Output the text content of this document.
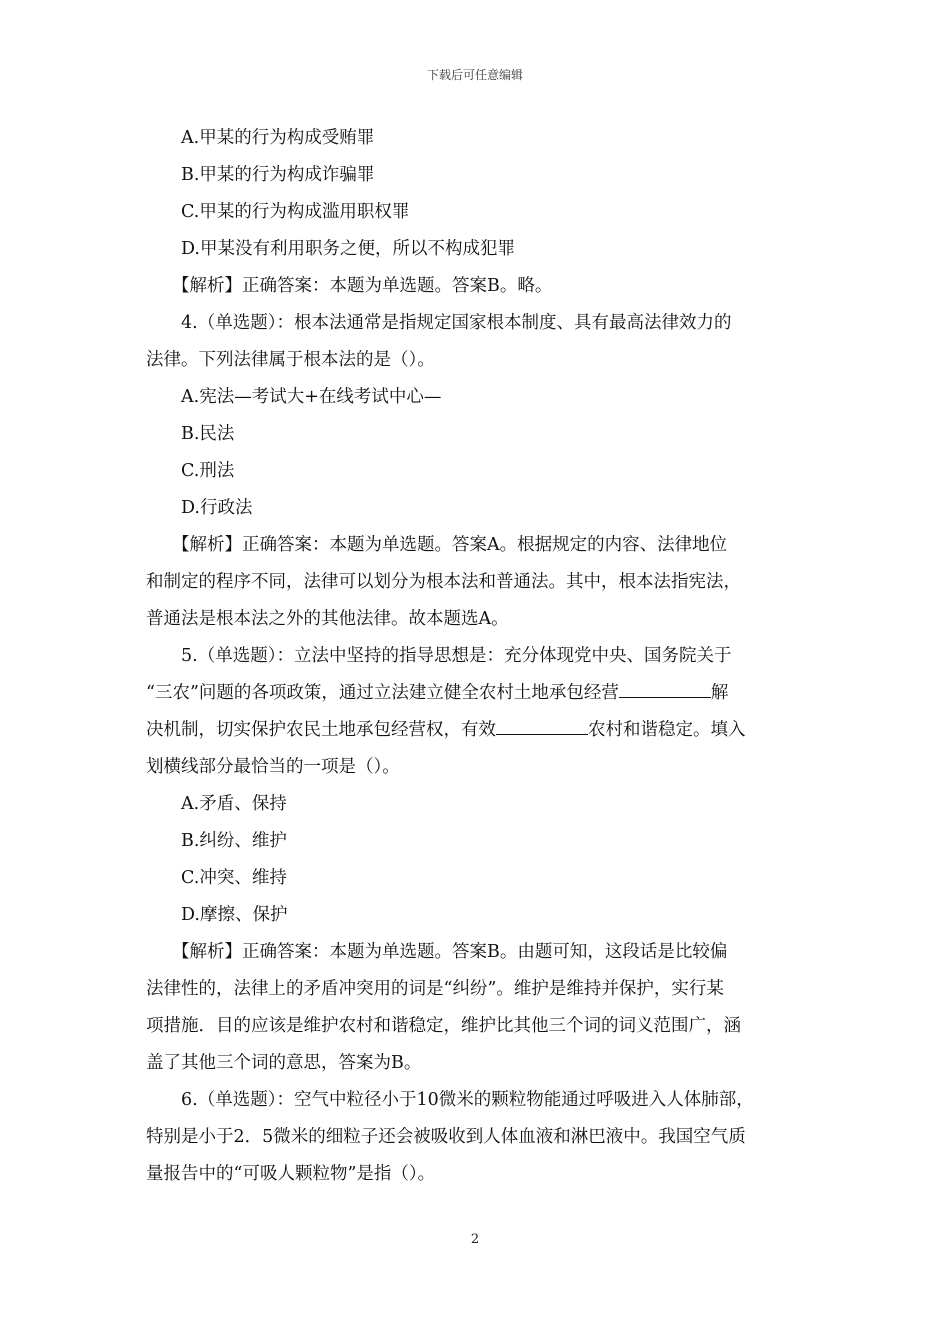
下载后可任意编辑

A.甲某的行为构成受贿罪

B.甲某的行为构成诈骗罪

C.甲某的行为构成滥用职权罪

D.甲某没有利用职务之便，所以不构成犯罪

【解析】正确答案：本题为单选题。答案B。略。

4.（单选题）：根本法通常是指规定国家根本制度、具有最高法律效力的

法律。下列法律属于根本法的是（）。

A.宪法—考试大+在线考试中心—

B.民法

C.刑法

D.行政法

【解析】正确答案：本题为单选题。答案A。根据规定的内容、法律地位

和制定的程序不同，法律可以划分为根本法和普通法。其中，根本法指宪法，

普通法是根本法之外的其他法律。故本题选A。

5.（单选题）：立法中坚持的指导思想是：充分体现党中央、国务院关于

“三农”问题的各项政策，通过立法建立健全农村土地承包经营	解

决机制，切实保护农民土地承包经营权，有效	农村和谐稳定。填入

划横线部分最恰当的一项是（）。

A.矛盾、保持

B.纠纷、维护

C.冲突、维持

D.摩擦、保护

【解析】正确答案：本题为单选题。答案B。由题可知，这段话是比较偏

法律性的，法律上的矛盾冲突用的词是“纠纷”。维护是维持并保护，实行某

项措施．目的应该是维护农村和谐稳定，维护比其他三个词的词义范围广，涵

盖了其他三个词的意思，答案为B。

6.（单选题）：空气中粒径小于10微米的颗粒物能通过呼吸进入人体肺部，

特别是小于2．5微米的细粒子还会被吸收到人体血液和淋巴液中。我国空气质

量报告中的“可吸人颗粒物”是指（）。

2
